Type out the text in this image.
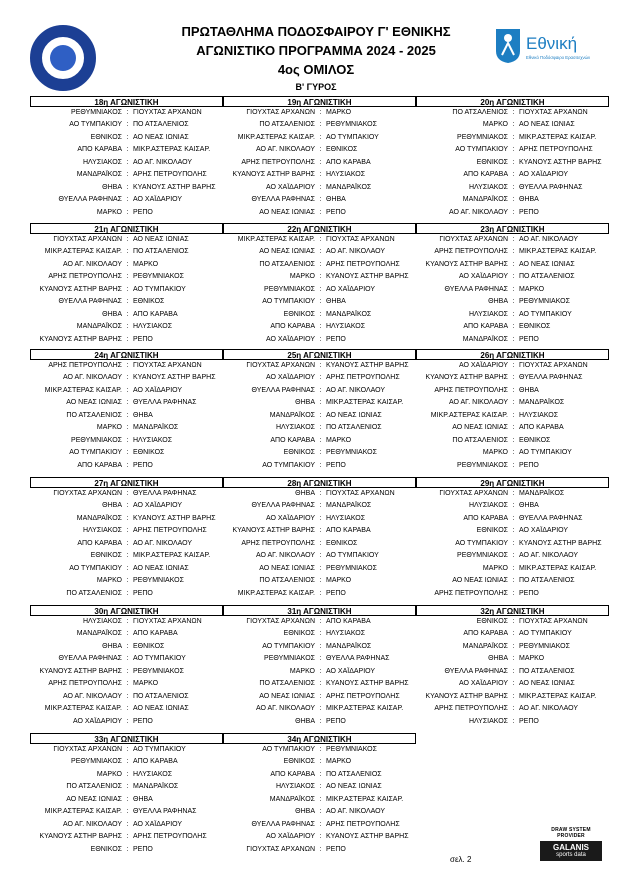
Εθνική
Εθνικό Ποδόσφαιρο Ερασιτεχνών
ΠΡΩΤΑΘΛΗΜΑ ΠΟΔΟΣΦΑΙΡΟΥ Γ' ΕΘΝΙΚΗΣ
ΑΓΩΝΙΣΤΙΚΟ ΠΡΟΓΡΑΜΜΑ 2024 - 2025
4ος ΟΜΙΛΟΣ
Β' ΓΥΡΟΣ
18η ΑΓΩΝΙΣΤΙΚΗ
ΡΕΘΥΜΝΙΑΚΟΣ : ΓΙΟΥΧΤΑΣ ΑΡΧΑΝΩΝ
ΑΟ ΤΥΜΠΑΚΙΟΥ : ΠΟ ΑΤΣΑΛΕΝΙΟΣ
ΕΘΝΙΚΟΣ : ΑΟ ΝΕΑΣ ΙΩΝΙΑΣ
ΑΠΟ ΚΑΡΑΒΑ : ΜΙΚΡ.ΑΣΤΕΡΑΣ ΚΑΙΣΑΡ.
ΗΛΥΣΙΑΚΟΣ : ΑΟ ΑΓ. ΝΙΚΟΛΑΟΥ
ΜΑΝΔΡΑΪΚΟΣ : ΑΡΗΣ ΠΕΤΡΟΥΠΟΛΗΣ
ΘΗΒΑ : ΚΥΑΝΟΥΣ ΑΣΤΗΡ ΒΑΡΗΣ
ΘΥΕΛΛΑ ΡΑΦΗΝΑΣ : ΑΟ ΧΑΪΔΑΡΙΟΥ
ΜΑΡΚΟ : ΡΕΠΟ
19η ΑΓΩΝΙΣΤΙΚΗ
ΓΙΟΥΧΤΑΣ ΑΡΧΑΝΩΝ : ΜΑΡΚΟ
ΠΟ ΑΤΣΑΛΕΝΙΟΣ : ΡΕΘΥΜΝΙΑΚΟΣ
ΜΙΚΡ.ΑΣΤΕΡΑΣ ΚΑΙΣΑΡ. : ΑΟ ΤΥΜΠΑΚΙΟΥ
ΑΟ ΑΓ. ΝΙΚΟΛΑΟΥ : ΕΘΝΙΚΟΣ
ΑΡΗΣ ΠΕΤΡΟΥΠΟΛΗΣ : ΑΠΟ ΚΑΡΑΒΑ
ΚΥΑΝΟΥΣ ΑΣΤΗΡ ΒΑΡΗΣ : ΗΛΥΣΙΑΚΟΣ
ΑΟ ΧΑΪΔΑΡΙΟΥ : ΜΑΝΔΡΑΪΚΟΣ
ΘΥΕΛΛΑ ΡΑΦΗΝΑΣ : ΘΗΒΑ
ΑΟ ΝΕΑΣ ΙΩΝΙΑΣ : ΡΕΠΟ
20η ΑΓΩΝΙΣΤΙΚΗ
ΠΟ ΑΤΣΑΛΕΝΙΟΣ : ΓΙΟΥΧΤΑΣ ΑΡΧΑΝΩΝ
ΜΑΡΚΟ : ΑΟ ΝΕΑΣ ΙΩΝΙΑΣ
ΡΕΘΥΜΝΙΑΚΟΣ : ΜΙΚΡ.ΑΣΤΕΡΑΣ ΚΑΙΣΑΡ.
ΑΟ ΤΥΜΠΑΚΙΟΥ : ΑΡΗΣ ΠΕΤΡΟΥΠΟΛΗΣ
ΕΘΝΙΚΟΣ : ΚΥΑΝΟΥΣ ΑΣΤΗΡ ΒΑΡΗΣ
ΑΠΟ ΚΑΡΑΒΑ : ΑΟ ΧΑΪΔΑΡΙΟΥ
ΗΛΥΣΙΑΚΟΣ : ΘΥΕΛΛΑ ΡΑΦΗΝΑΣ
ΜΑΝΔΡΑΪΚΟΣ : ΘΗΒΑ
ΑΟ ΑΓ. ΝΙΚΟΛΑΟΥ : ΡΕΠΟ
21η ΑΓΩΝΙΣΤΙΚΗ
ΓΙΟΥΧΤΑΣ ΑΡΧΑΝΩΝ : ΑΟ ΝΕΑΣ ΙΩΝΙΑΣ
ΜΙΚΡ.ΑΣΤΕΡΑΣ ΚΑΙΣΑΡ. : ΠΟ ΑΤΣΑΛΕΝΙΟΣ
ΑΟ ΑΓ. ΝΙΚΟΛΑΟΥ : ΜΑΡΚΟ
ΑΡΗΣ ΠΕΤΡΟΥΠΟΛΗΣ : ΡΕΘΥΜΝΙΑΚΟΣ
ΚΥΑΝΟΥΣ ΑΣΤΗΡ ΒΑΡΗΣ : ΑΟ ΤΥΜΠΑΚΙΟΥ
ΘΥΕΛΛΑ ΡΑΦΗΝΑΣ : ΕΘΝΙΚΟΣ
ΘΗΒΑ : ΑΠΟ ΚΑΡΑΒΑ
ΜΑΝΔΡΑΪΚΟΣ : ΗΛΥΣΙΑΚΟΣ
ΚΥΑΝΟΥΣ ΑΣΤΗΡ ΒΑΡΗΣ : ΡΕΠΟ
22η ΑΓΩΝΙΣΤΙΚΗ
ΜΙΚΡ.ΑΣΤΕΡΑΣ ΚΑΙΣΑΡ. : ΓΙΟΥΧΤΑΣ ΑΡΧΑΝΩΝ
ΑΟ ΝΕΑΣ ΙΩΝΙΑΣ : ΑΟ ΑΓ. ΝΙΚΟΛΑΟΥ
ΠΟ ΑΤΣΑΛΕΝΙΟΣ : ΑΡΗΣ ΠΕΤΡΟΥΠΟΛΗΣ
ΜΑΡΚΟ : ΚΥΑΝΟΥΣ ΑΣΤΗΡ ΒΑΡΗΣ
ΡΕΘΥΜΝΙΑΚΟΣ : ΑΟ ΧΑΪΔΑΡΙΟΥ
ΑΟ ΤΥΜΠΑΚΙΟΥ : ΘΗΒΑ
ΕΘΝΙΚΟΣ : ΜΑΝΔΡΑΪΚΟΣ
ΑΠΟ ΚΑΡΑΒΑ : ΗΛΥΣΙΑΚΟΣ
ΑΟ ΧΑΪΔΑΡΙΟΥ : ΡΕΠΟ
23η ΑΓΩΝΙΣΤΙΚΗ
ΓΙΟΥΧΤΑΣ ΑΡΧΑΝΩΝ : ΑΟ ΑΓ. ΝΙΚΟΛΑΟΥ
ΑΡΗΣ ΠΕΤΡΟΥΠΟΛΗΣ : ΜΙΚΡ.ΑΣΤΕΡΑΣ ΚΑΙΣΑΡ.
ΚΥΑΝΟΥΣ ΑΣΤΗΡ ΒΑΡΗΣ : ΑΟ ΝΕΑΣ ΙΩΝΙΑΣ
ΑΟ ΧΑΪΔΑΡΙΟΥ : ΠΟ ΑΤΣΑΛΕΝΙΟΣ
ΘΥΕΛΛΑ ΡΑΦΗΝΑΣ : ΜΑΡΚΟ
ΘΗΒΑ : ΡΕΘΥΜΝΙΑΚΟΣ
ΗΛΥΣΙΑΚΟΣ : ΑΟ ΤΥΜΠΑΚΙΟΥ
ΑΠΟ ΚΑΡΑΒΑ : ΕΘΝΙΚΟΣ
ΜΑΝΔΡΑΪΚΟΣ : ΡΕΠΟ
24η ΑΓΩΝΙΣΤΙΚΗ
ΑΡΗΣ ΠΕΤΡΟΥΠΟΛΗΣ : ΓΙΟΥΧΤΑΣ ΑΡΧΑΝΩΝ
ΑΟ ΑΓ. ΝΙΚΟΛΑΟΥ : ΚΥΑΝΟΥΣ ΑΣΤΗΡ ΒΑΡΗΣ
ΜΙΚΡ.ΑΣΤΕΡΑΣ ΚΑΙΣΑΡ. : ΑΟ ΧΑΪΔΑΡΙΟΥ
ΑΟ ΝΕΑΣ ΙΩΝΙΑΣ : ΘΥΕΛΛΑ ΡΑΦΗΝΑΣ
ΠΟ ΑΤΣΑΛΕΝΙΟΣ : ΘΗΒΑ
ΜΑΡΚΟ : ΜΑΝΔΡΑΪΚΟΣ
ΡΕΘΥΜΝΙΑΚΟΣ : ΗΛΥΣΙΑΚΟΣ
ΑΟ ΤΥΜΠΑΚΙΟΥ : ΕΘΝΙΚΟΣ
ΑΠΟ ΚΑΡΑΒΑ : ΡΕΠΟ
25η ΑΓΩΝΙΣΤΙΚΗ
ΓΙΟΥΧΤΑΣ ΑΡΧΑΝΩΝ : ΚΥΑΝΟΥΣ ΑΣΤΗΡ ΒΑΡΗΣ
ΑΟ ΧΑΪΔΑΡΙΟΥ : ΑΡΗΣ ΠΕΤΡΟΥΠΟΛΗΣ
ΘΥΕΛΛΑ ΡΑΦΗΝΑΣ : ΑΟ ΑΓ. ΝΙΚΟΛΑΟΥ
ΘΗΒΑ : ΜΙΚΡ.ΑΣΤΕΡΑΣ ΚΑΙΣΑΡ.
ΜΑΝΔΡΑΪΚΟΣ : ΑΟ ΝΕΑΣ ΙΩΝΙΑΣ
ΗΛΥΣΙΑΚΟΣ : ΠΟ ΑΤΣΑΛΕΝΙΟΣ
ΑΠΟ ΚΑΡΑΒΑ : ΜΑΡΚΟ
ΕΘΝΙΚΟΣ : ΡΕΘΥΜΝΙΑΚΟΣ
ΑΟ ΤΥΜΠΑΚΙΟΥ : ΡΕΠΟ
26η ΑΓΩΝΙΣΤΙΚΗ
ΑΟ ΧΑΪΔΑΡΙΟΥ : ΓΙΟΥΧΤΑΣ ΑΡΧΑΝΩΝ
ΚΥΑΝΟΥΣ ΑΣΤΗΡ ΒΑΡΗΣ : ΘΥΕΛΛΑ ΡΑΦΗΝΑΣ
ΑΡΗΣ ΠΕΤΡΟΥΠΟΛΗΣ : ΘΗΒΑ
ΑΟ ΑΓ. ΝΙΚΟΛΑΟΥ : ΜΑΝΔΡΑΪΚΟΣ
ΜΙΚΡ.ΑΣΤΕΡΑΣ ΚΑΙΣΑΡ. : ΗΛΥΣΙΑΚΟΣ
ΑΟ ΝΕΑΣ ΙΩΝΙΑΣ : ΑΠΟ ΚΑΡΑΒΑ
ΠΟ ΑΤΣΑΛΕΝΙΟΣ : ΕΘΝΙΚΟΣ
ΜΑΡΚΟ : ΑΟ ΤΥΜΠΑΚΙΟΥ
ΡΕΘΥΜΝΙΑΚΟΣ : ΡΕΠΟ
27η ΑΓΩΝΙΣΤΙΚΗ
ΓΙΟΥΧΤΑΣ ΑΡΧΑΝΩΝ : ΘΥΕΛΛΑ ΡΑΦΗΝΑΣ
ΘΗΒΑ : ΑΟ ΧΑΪΔΑΡΙΟΥ
ΜΑΝΔΡΑΪΚΟΣ : ΚΥΑΝΟΥΣ ΑΣΤΗΡ ΒΑΡΗΣ
ΗΛΥΣΙΑΚΟΣ : ΑΡΗΣ ΠΕΤΡΟΥΠΟΛΗΣ
ΑΠΟ ΚΑΡΑΒΑ : ΑΟ ΑΓ. ΝΙΚΟΛΑΟΥ
ΕΘΝΙΚΟΣ : ΜΙΚΡ.ΑΣΤΕΡΑΣ ΚΑΙΣΑΡ.
ΑΟ ΤΥΜΠΑΚΙΟΥ : ΑΟ ΝΕΑΣ ΙΩΝΙΑΣ
ΜΑΡΚΟ : ΡΕΘΥΜΝΙΑΚΟΣ
ΠΟ ΑΤΣΑΛΕΝΙΟΣ : ΡΕΠΟ
28η ΑΓΩΝΙΣΤΙΚΗ
ΘΗΒΑ : ΓΙΟΥΧΤΑΣ ΑΡΧΑΝΩΝ
ΘΥΕΛΛΑ ΡΑΦΗΝΑΣ : ΜΑΝΔΡΑΪΚΟΣ
ΑΟ ΧΑΪΔΑΡΙΟΥ : ΗΛΥΣΙΑΚΟΣ
ΚΥΑΝΟΥΣ ΑΣΤΗΡ ΒΑΡΗΣ : ΑΠΟ ΚΑΡΑΒΑ
ΑΡΗΣ ΠΕΤΡΟΥΠΟΛΗΣ : ΕΘΝΙΚΟΣ
ΑΟ ΑΓ. ΝΙΚΟΛΑΟΥ : ΑΟ ΤΥΜΠΑΚΙΟΥ
ΑΟ ΝΕΑΣ ΙΩΝΙΑΣ : ΡΕΘΥΜΝΙΑΚΟΣ
ΠΟ ΑΤΣΑΛΕΝΙΟΣ : ΜΑΡΚΟ
ΜΙΚΡ.ΑΣΤΕΡΑΣ ΚΑΙΣΑΡ. : ΡΕΠΟ
29η ΑΓΩΝΙΣΤΙΚΗ
ΓΙΟΥΧΤΑΣ ΑΡΧΑΝΩΝ : ΜΑΝΔΡΑΪΚΟΣ
ΗΛΥΣΙΑΚΟΣ : ΘΗΒΑ
ΑΠΟ ΚΑΡΑΒΑ : ΘΥΕΛΛΑ ΡΑΦΗΝΑΣ
ΕΘΝΙΚΟΣ : ΑΟ ΧΑΪΔΑΡΙΟΥ
ΑΟ ΤΥΜΠΑΚΙΟΥ : ΚΥΑΝΟΥΣ ΑΣΤΗΡ ΒΑΡΗΣ
ΡΕΘΥΜΝΙΑΚΟΣ : ΑΟ ΑΓ. ΝΙΚΟΛΑΟΥ
ΜΑΡΚΟ : ΜΙΚΡ.ΑΣΤΕΡΑΣ ΚΑΙΣΑΡ.
ΑΟ ΝΕΑΣ ΙΩΝΙΑΣ : ΠΟ ΑΤΣΑΛΕΝΙΟΣ
ΑΡΗΣ ΠΕΤΡΟΥΠΟΛΗΣ : ΡΕΠΟ
30η ΑΓΩΝΙΣΤΙΚΗ
ΗΛΥΣΙΑΚΟΣ : ΓΙΟΥΧΤΑΣ ΑΡΧΑΝΩΝ
ΜΑΝΔΡΑΪΚΟΣ : ΑΠΟ ΚΑΡΑΒΑ
ΘΗΒΑ : ΕΘΝΙΚΟΣ
ΘΥΕΛΛΑ ΡΑΦΗΝΑΣ : ΑΟ ΤΥΜΠΑΚΙΟΥ
ΚΥΑΝΟΥΣ ΑΣΤΗΡ ΒΑΡΗΣ : ΡΕΘΥΜΝΙΑΚΟΣ
ΑΡΗΣ ΠΕΤΡΟΥΠΟΛΗΣ : ΜΑΡΚΟ
ΑΟ ΑΓ. ΝΙΚΟΛΑΟΥ : ΠΟ ΑΤΣΑΛΕΝΙΟΣ
ΜΙΚΡ.ΑΣΤΕΡΑΣ ΚΑΙΣΑΡ. : ΑΟ ΝΕΑΣ ΙΩΝΙΑΣ
ΑΟ ΧΑΪΔΑΡΙΟΥ : ΡΕΠΟ
31η ΑΓΩΝΙΣΤΙΚΗ
ΓΙΟΥΧΤΑΣ ΑΡΧΑΝΩΝ : ΑΠΟ ΚΑΡΑΒΑ
ΕΘΝΙΚΟΣ : ΗΛΥΣΙΑΚΟΣ
ΑΟ ΤΥΜΠΑΚΙΟΥ : ΜΑΝΔΡΑΪΚΟΣ
ΡΕΘΥΜΝΙΑΚΟΣ : ΘΥΕΛΛΑ ΡΑΦΗΝΑΣ
ΜΑΡΚΟ : ΑΟ ΧΑΪΔΑΡΙΟΥ
ΠΟ ΑΤΣΑΛΕΝΙΟΣ : ΚΥΑΝΟΥΣ ΑΣΤΗΡ ΒΑΡΗΣ
ΑΟ ΝΕΑΣ ΙΩΝΙΑΣ : ΑΡΗΣ ΠΕΤΡΟΥΠΟΛΗΣ
ΑΟ ΑΓ. ΝΙΚΟΛΑΟΥ : ΜΙΚΡ.ΑΣΤΕΡΑΣ ΚΑΙΣΑΡ.
ΘΗΒΑ : ΡΕΠΟ
32η ΑΓΩΝΙΣΤΙΚΗ
ΕΘΝΙΚΟΣ : ΓΙΟΥΧΤΑΣ ΑΡΧΑΝΩΝ
ΑΠΟ ΚΑΡΑΒΑ : ΑΟ ΤΥΜΠΑΚΙΟΥ
ΜΑΝΔΡΑΪΚΟΣ : ΡΕΘΥΜΝΙΑΚΟΣ
ΘΗΒΑ : ΜΑΡΚΟ
ΘΥΕΛΛΑ ΡΑΦΗΝΑΣ : ΠΟ ΑΤΣΑΛΕΝΙΟΣ
ΑΟ ΧΑΪΔΑΡΙΟΥ : ΑΟ ΝΕΑΣ ΙΩΝΙΑΣ
ΚΥΑΝΟΥΣ ΑΣΤΗΡ ΒΑΡΗΣ : ΜΙΚΡ.ΑΣΤΕΡΑΣ ΚΑΙΣΑΡ.
ΑΡΗΣ ΠΕΤΡΟΥΠΟΛΗΣ : ΑΟ ΑΓ. ΝΙΚΟΛΑΟΥ
ΗΛΥΣΙΑΚΟΣ : ΡΕΠΟ
33η ΑΓΩΝΙΣΤΙΚΗ
ΓΙΟΥΧΤΑΣ ΑΡΧΑΝΩΝ : ΑΟ ΤΥΜΠΑΚΙΟΥ
ΡΕΘΥΜΝΙΑΚΟΣ : ΑΠΟ ΚΑΡΑΒΑ
ΜΑΡΚΟ : ΗΛΥΣΙΑΚΟΣ
ΠΟ ΑΤΣΑΛΕΝΙΟΣ : ΜΑΝΔΡΑΪΚΟΣ
ΑΟ ΝΕΑΣ ΙΩΝΙΑΣ : ΘΗΒΑ
ΜΙΚΡ.ΑΣΤΕΡΑΣ ΚΑΙΣΑΡ. : ΘΥΕΛΛΑ ΡΑΦΗΝΑΣ
ΑΟ ΑΓ. ΝΙΚΟΛΑΟΥ : ΑΟ ΧΑΪΔΑΡΙΟΥ
ΚΥΑΝΟΥΣ ΑΣΤΗΡ ΒΑΡΗΣ : ΑΡΗΣ ΠΕΤΡΟΥΠΟΛΗΣ
ΕΘΝΙΚΟΣ : ΡΕΠΟ
34η ΑΓΩΝΙΣΤΙΚΗ
ΑΟ ΤΥΜΠΑΚΙΟΥ : ΡΕΘΥΜΝΙΑΚΟΣ
ΕΘΝΙΚΟΣ : ΜΑΡΚΟ
ΑΠΟ ΚΑΡΑΒΑ : ΠΟ ΑΤΣΑΛΕΝΙΟΣ
ΗΛΥΣΙΑΚΟΣ : ΑΟ ΝΕΑΣ ΙΩΝΙΑΣ
ΜΑΝΔΡΑΪΚΟΣ : ΜΙΚΡ.ΑΣΤΕΡΑΣ ΚΑΙΣΑΡ.
ΘΗΒΑ : ΑΟ ΑΓ. ΝΙΚΟΛΑΟΥ
ΘΥΕΛΛΑ ΡΑΦΗΝΑΣ : ΑΡΗΣ ΠΕΤΡΟΥΠΟΛΗΣ
ΑΟ ΧΑΪΔΑΡΙΟΥ : ΚΥΑΝΟΥΣ ΑΣΤΗΡ ΒΑΡΗΣ
ΓΙΟΥΧΤΑΣ ΑΡΧΑΝΩΝ : ΡΕΠΟ
DRAW SYSTEM PROVIDER
GALANIS
sports data
σελ. 2
